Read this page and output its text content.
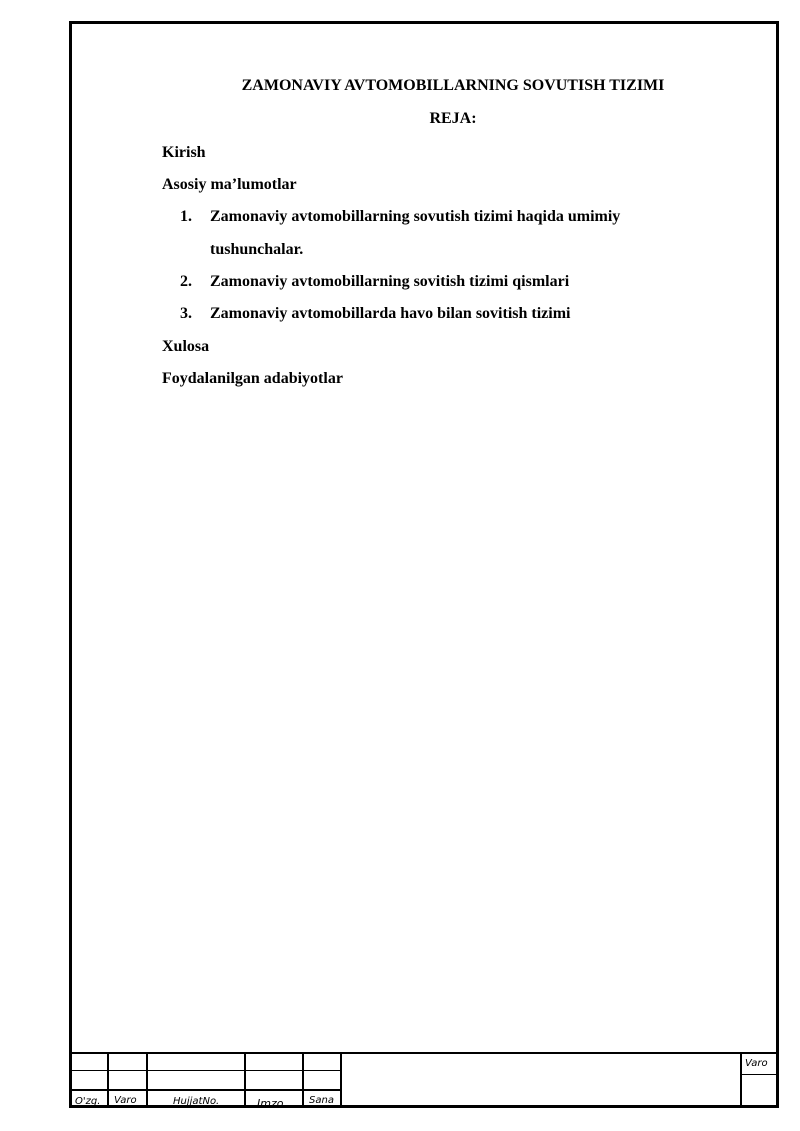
ZAMONAVIY AVTOMOBILLARNING SOVUTISH TIZIMI
REJA:
Kirish
Asosiy ma’lumotlar
1. Zamonaviy avtomobillarning sovutish tizimi haqida umimiy
tushunchalar.
2. Zamonaviy avtomobillarning sovitish tizimi qismlari
3. Zamonaviy avtomobillarda havo bilan sovitish tizimi
Xulosa
Foydalanilgan adabiyotlar
O'zg. Varo	HujjatNo.	Imzo	Sana
Varo
